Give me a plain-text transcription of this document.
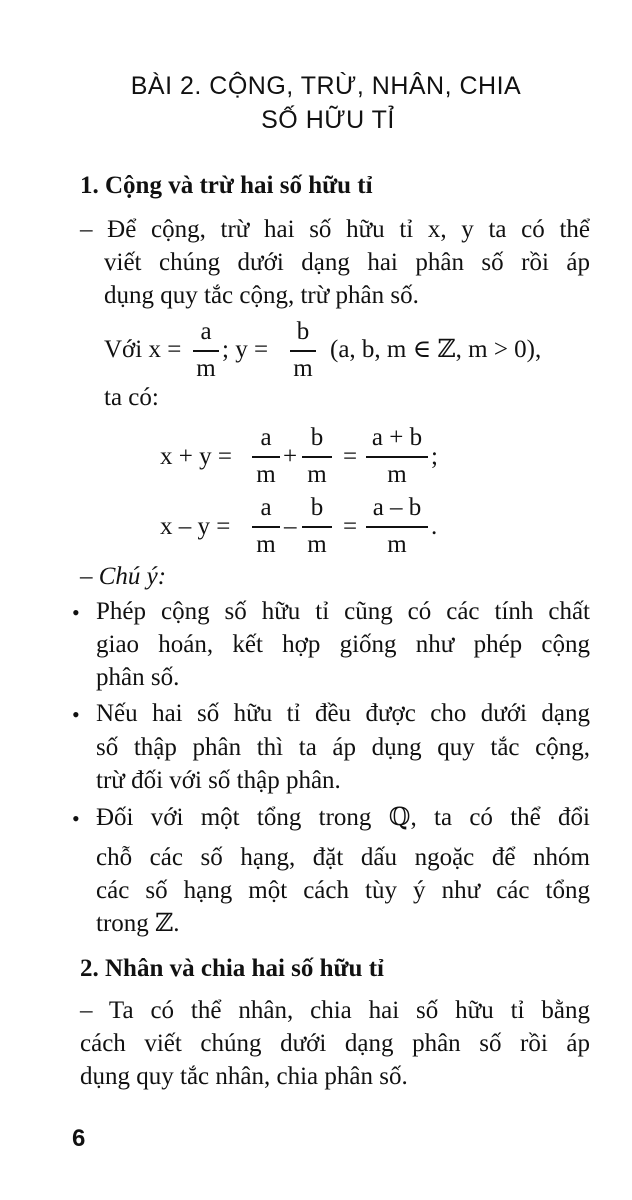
BÀI 2. CỘNG, TRỪ, NHÂN, CHIA
SỐ HỮU TỈ
1. Cộng và trừ hai số hữu tỉ
– Để cộng, trừ hai số hữu tỉ x, y ta có thể
viết chúng dưới dạng hai phân số rồi áp
dụng quy tắc cộng, trừ phân số.
Với x =
a
m
; y =
b
m
(a, b, m ∈ ℤ, m > 0),
ta có:
x + y =
a
m
+
b
m
=
a + b
m
;
x – y =
a
m
–
b
m
=
a – b
m
.
– Chú ý:
• Phép cộng số hữu tỉ cũng có các tính chất
giao hoán, kết hợp giống như phép cộng
phân số.
• Nếu hai số hữu tỉ đều được cho dưới dạng
số thập phân thì ta áp dụng quy tắc cộng,
trừ đối với số thập phân.
• Đối với một tổng trong ℚ, ta có thể đổi
chỗ các số hạng, đặt dấu ngoặc để nhóm
các số hạng một cách tùy ý như các tổng
trong ℤ.
2. Nhân và chia hai số hữu tỉ
– Ta có thể nhân, chia hai số hữu tỉ bằng
cách viết chúng dưới dạng phân số rồi áp
dụng quy tắc nhân, chia phân số.
6
